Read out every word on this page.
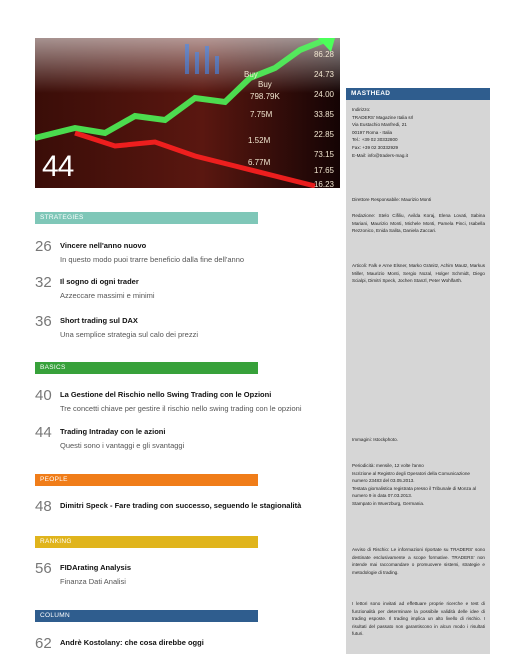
86.28
24.73
24.00
33.85
22.85
73.15
17.65
16.23
Buy
Buy
798.79K
7.75M
1.52M
6.77M
44
STRATEGIES
BASICS
PEOPLE
RANKING
COLUMN
26 Vincere nell'anno nuovo
In questo modo puoi trarre beneficio dalla fine dell'anno
32 Il sogno di ogni trader
Azzeccare massimi e minimi
36 Short trading sul DAX
Una semplice strategia sul calo dei prezzi
40 La Gestione del Rischio nello Swing Trading con le Opzioni
Tre concetti chiave per gestire il rischio nello swing trading con le opzioni
44 Trading Intraday con le azioni
Questi sono i vantaggi e gli svantaggi
48 Dimitri Speck - Fare trading con successo, seguendo le stagionalità
56 FIDArating Analysis
Finanza Dati Analisi
62 Andrè Kostolany: che cosa direbbe oggi
MASTHEAD
Indirizzo:
TRADERS' Magazine Italia srl
Via Eustachio Manfredi, 21
00197 Roma - Italia
Tel.: +39 02 30332800
Fax: +39 02 30332929
E-Mail: info@traders-mag.it
Direttore Responsabile: Maurizio Monti
Redazione: Stelo Cifiliu, Avilda Koraj, Elena Lovati, Sabina Mariani, Maurizio Monti, Michele Monti, Pamela Pinci, Isabella Rezzonico, Enida Salita, Daniela Zaccari.
Articoli: Falk e Arne Elsner, Marko Gränitz, Achim Mautz, Markus Miller, Maurizio Monti, Sergio Nozal, Holger Schmidt, Diego Scialpi, Dimitri Speck, Jochen Stanzl, Peter Wohlfarth.
Immagini: Istockphoto.
Periodicità: mensile, 12 volte l'anno
Iscrizione al Registro degli Operatori della Comunicazione numero 23483 del 03.05.2013.
Testata giornalistica registrata presso il Tribunale di Monza al numero 9 in data 07.03.2013.
Stampato in Wuerzburg, Germania.
Avviso di Rischio: Le informazioni riportate su TRADERS' sono destinate esclusivamente a scope formative. TRADERS' non intende mai raccomandare o promuovere sistemi, strategie e metodologie di trading.
I lettori sono invitati ad effettuare proprie ricerche e test di funzionalità per determinare la possibile validità delle idee di trading esposte. Il trading implica un alto livello di rischio. I risultati del passato non garantiscono in alcun modo i risultati futuri.
